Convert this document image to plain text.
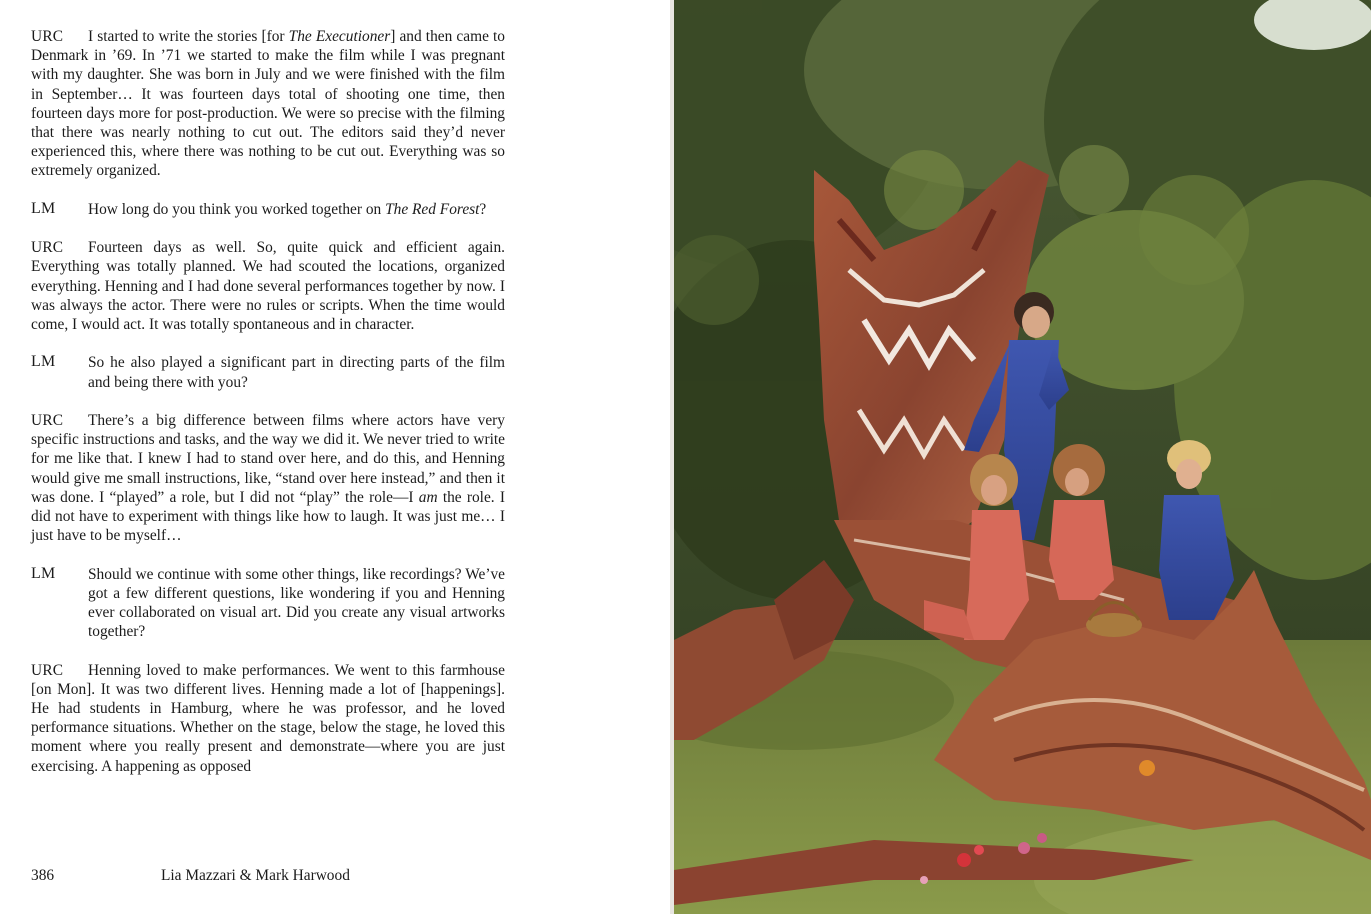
URC I started to write the stories [for The Executioner] and then came to Denmark in ’69. In ’71 we started to make the film while I was pregnant with my daughter. She was born in July and we were finished with the film in September… It was fourteen days total of shooting one time, then fourteen days more for post-production. We were so precise with the filming that there was nearly nothing to cut out. The editors said they’d never experienced this, where there was nothing to be cut out. Everything was so extremely organized.

LM	How long do you think you worked together on The Red Forest?

URC Fourteen days as well. So, quite quick and efficient again. Everything was totally planned. We had scouted the locations, organized everything. Henning and I had done several performances together by now. I was always the actor. There were no rules or scripts. When the time would come, I would act. It was totally spontaneous and in character.

LM	So he also played a significant part in directing parts of the film and being there with you?

URC There’s a big difference between films where actors have very specific instructions and tasks, and the way we did it. We never tried to write for me like that. I knew I had to stand over here, and do this, and Henning would give me small instructions, like, “stand over here instead,” and then it was done. I “played” a role, but I did not “play” the role—I am the role. I did not have to experiment with things like how to laugh. It was just me… I just have to be myself…

LM	Should we continue with some other things, like recordings? We’ve got a few different questions, like wondering if you and Henning ever collaborated on visual art. Did you create any visual artworks together?

URC Henning loved to make performances. We went to this farmhouse [on Mon]. It was two different lives. Henning made a lot of [happenings]. He had students in Hamburg, where he was professor, and he loved performance situations. Whether on the stage, below the stage, he loved this moment where you really present and demonstrate—where you are just exercising. A happening as opposed

386	Lia Mazzari & Mark Harwood
